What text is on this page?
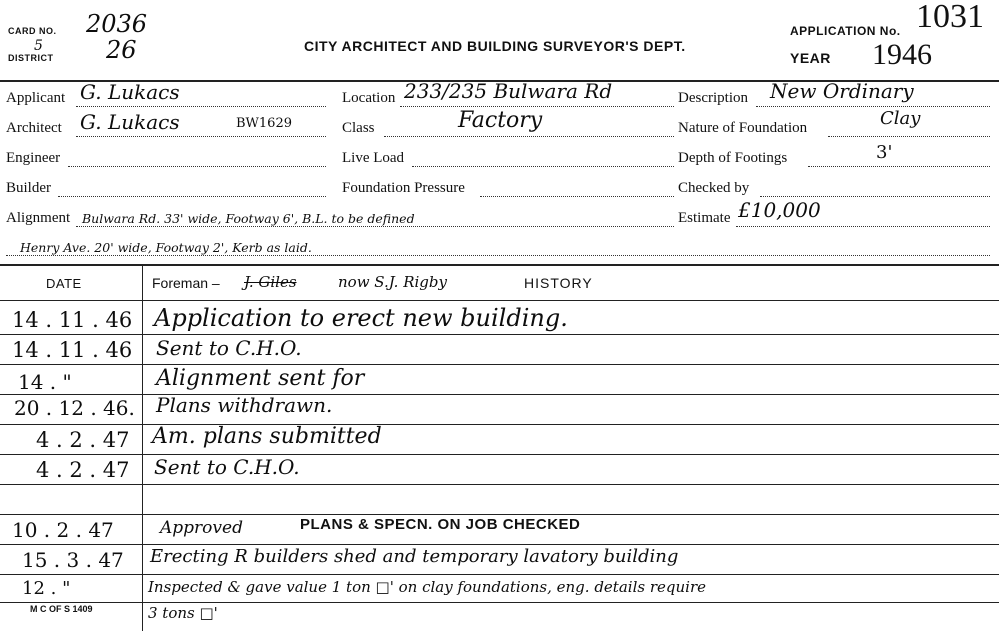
CARD NO. 2036
5
DISTRICT 26	CITY ARCHITECT AND BUILDING SURVEYOR'S DEPT.
APPLICATION No. 1031
YEAR 1946
Applicant G. Lukacs
Architect G. Lukacs	BW1629
Engineer
Builder
Location 233/235 Bulwara Rd
Class	Factory
Live Load
Foundation Pressure
Description New Ordinary
Nature of Foundation	Clay
Depth of Footings	3'
Checked by
Estimate £10,000
Alignment Bulwara Rd. 33' wide, Footway 6', B.L. to be defined
Henry Ave. 20' wide, Footway 2', Kerb as laid.
DATE	Foreman – J. Giles	now S.J. Rigby	HISTORY
14 . 11 . 46 Application to erect new building.
14 . 11 . 46 Sent to C.H.O.
14 . "	Alignment sent for
20 . 12 . 46. Plans withdrawn.
4 . 2 . 47 Am. plans submitted
4 . 2 . 47 Sent to C.H.O.
10 . 2 . 47	Approved	PLANS & SPECN. ON JOB CHECKED
15 . 3 . 47 Erecting R builders shed and temporary lavatory building
12 . "	Inspected & gave value 1 ton □' on clay foundations, eng. details require
3 tons □'
M C OF S 1409
